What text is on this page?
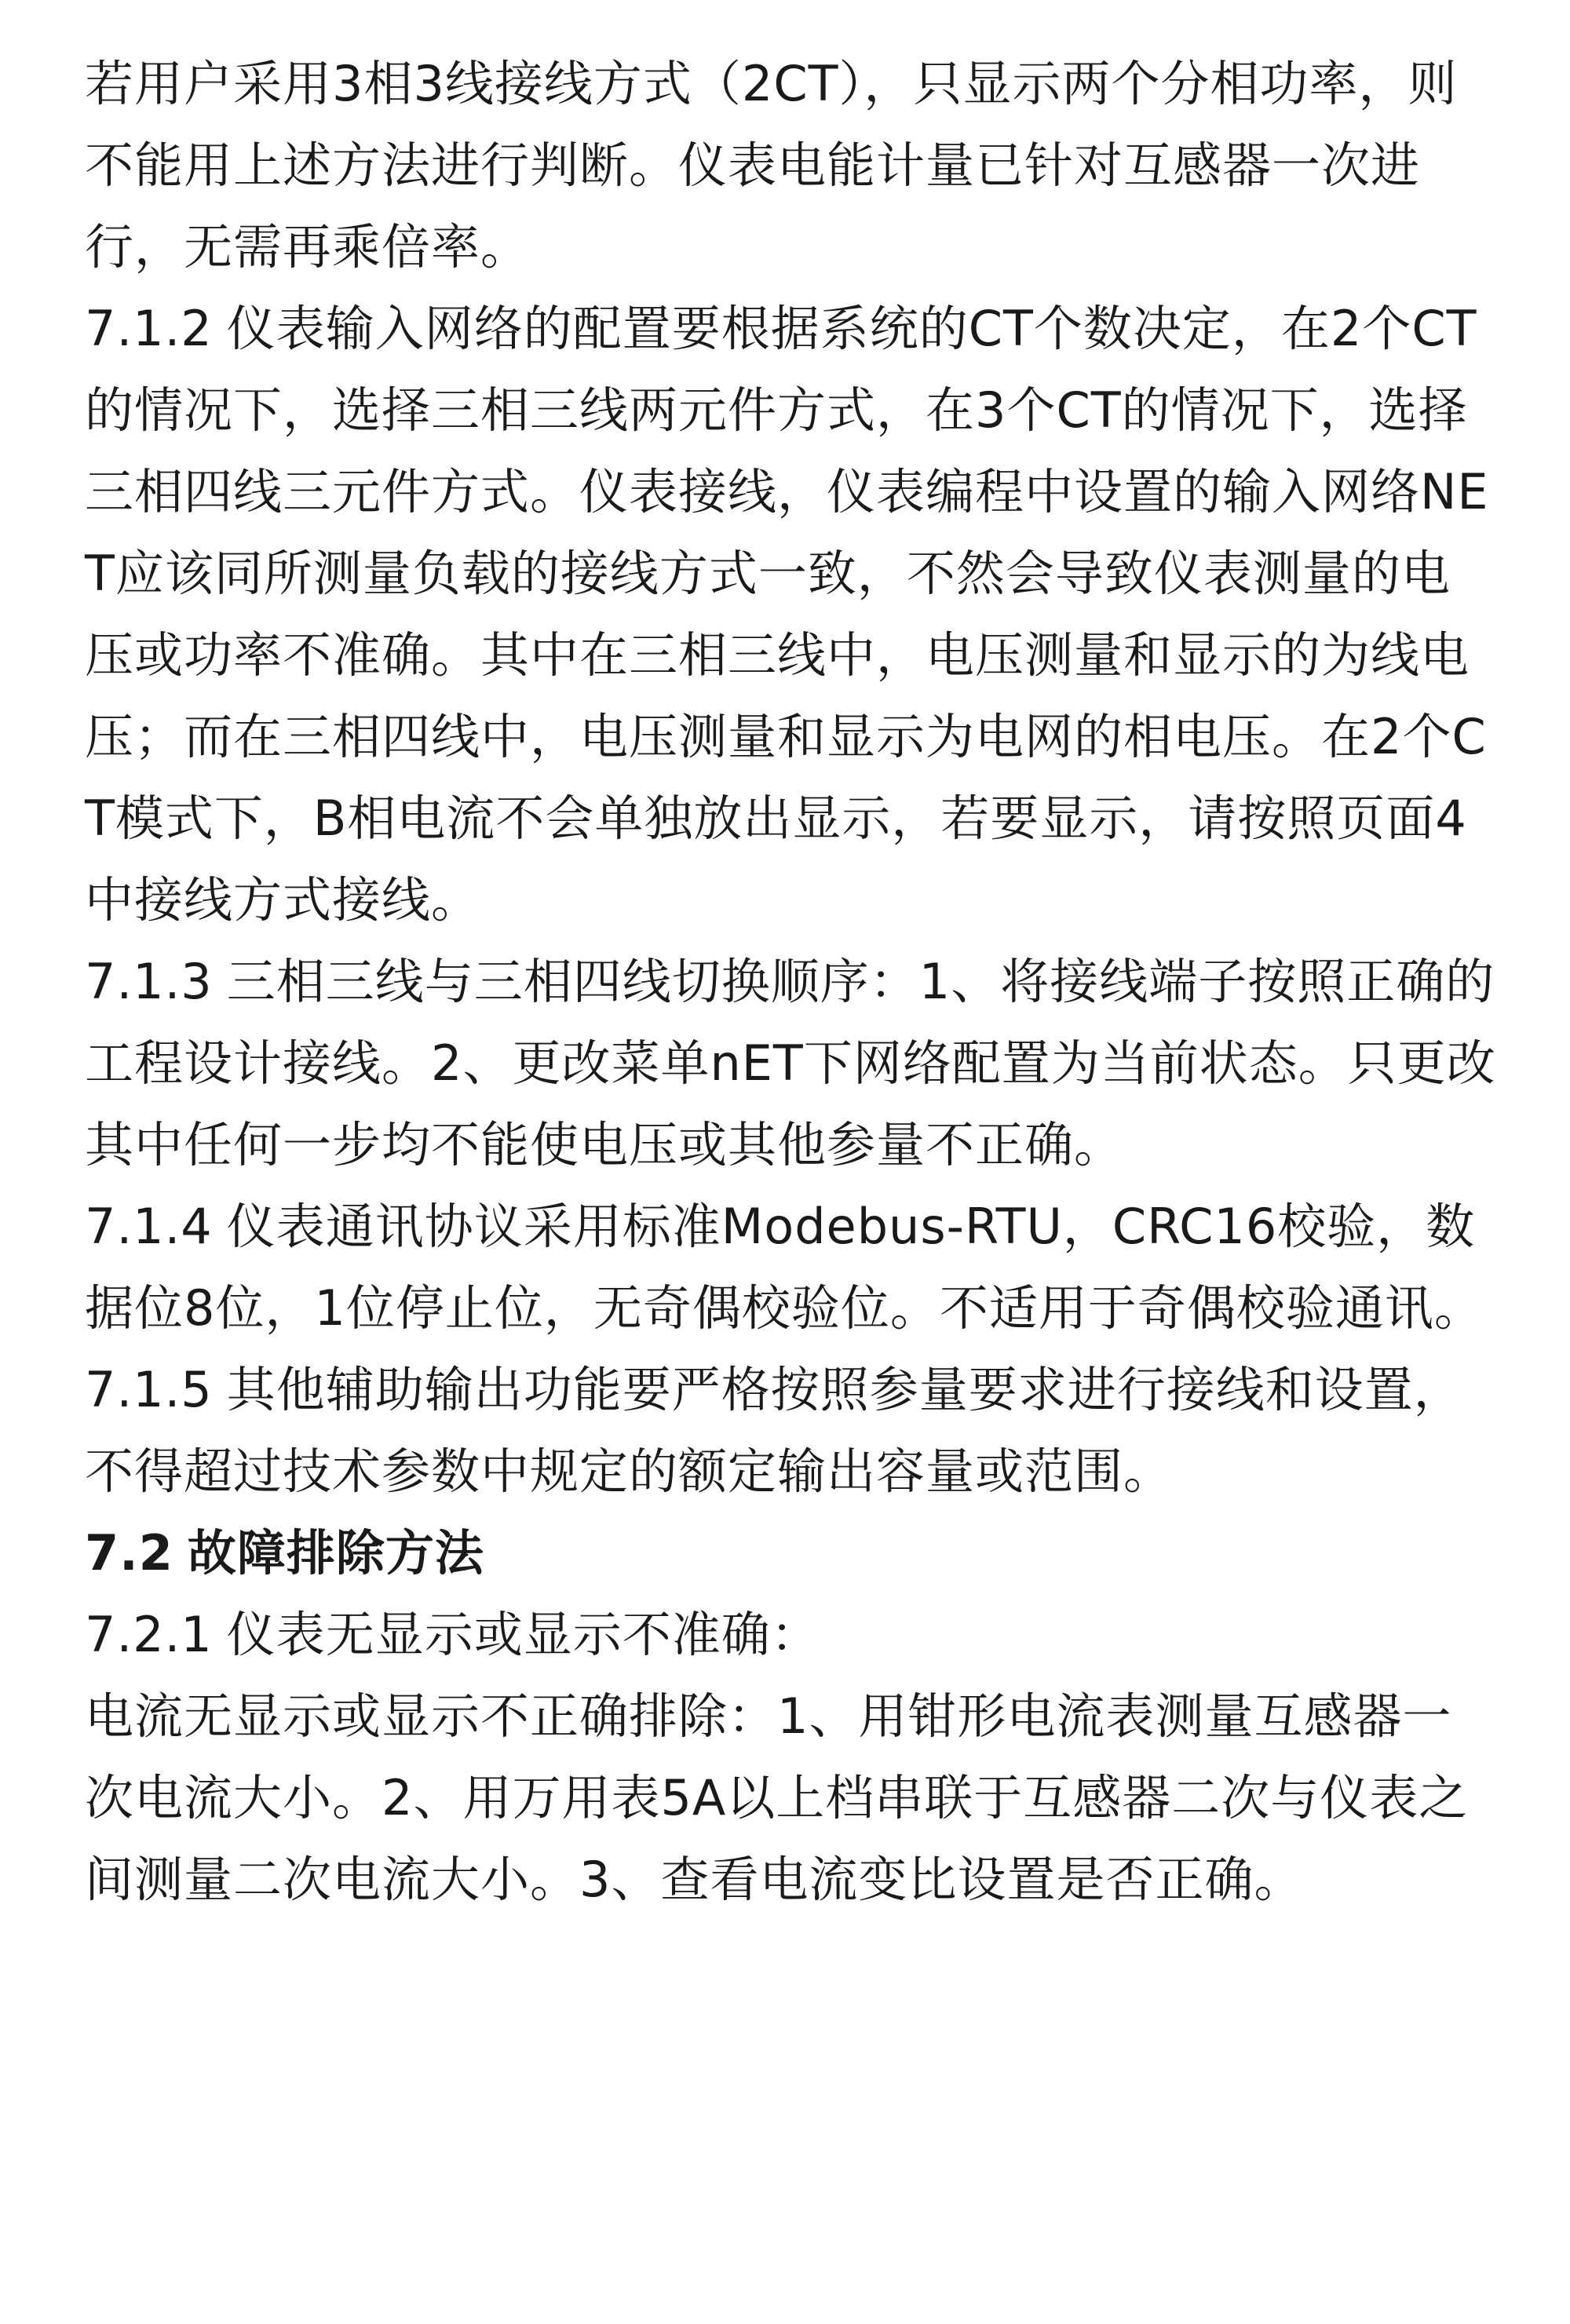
若用户采用3相3线接线方式（2CT），只显示两个分相功率，则不能用上述方法进行判断。仪表电能计量已针对互感器一次进行，无需再乘倍率。

7.1.2 仪表输入网络的配置要根据系统的CT个数决定，在2个CT的情况下，选择三相三线两元件方式，在3个CT的情况下，选择三相四线三元件方式。仪表接线，仪表编程中设置的输入网络NET应该同所测量负载的接线方式一致，不然会导致仪表测量的电压或功率不准确。其中在三相三线中，电压测量和显示的为线电压；而在三相四线中，电压测量和显示为电网的相电压。在2个CT模式下，B相电流不会单独放出显示，若要显示，请按照页面4中接线方式接线。

7.1.3 三相三线与三相四线切换顺序：1、将接线端子按照正确的工程设计接线。2、更改菜单nET下网络配置为当前状态。只更改其中任何一步均不能使电压或其他参量不正确。

7.1.4 仪表通讯协议采用标准Modebus-RTU，CRC16校验，数据位8位，1位停止位，无奇偶校验位。不适用于奇偶校验通讯。

7.1.5 其他辅助输出功能要严格按照参量要求进行接线和设置，不得超过技术参数中规定的额定输出容量或范围。

7.2 故障排除方法

7.2.1 仪表无显示或显示不准确：

电流无显示或显示不正确排除：1、用钳形电流表测量互感器一次电流大小。2、用万用表5A以上档串联于互感器二次与仪表之间测量二次电流大小。3、查看电流变比设置是否正确。
